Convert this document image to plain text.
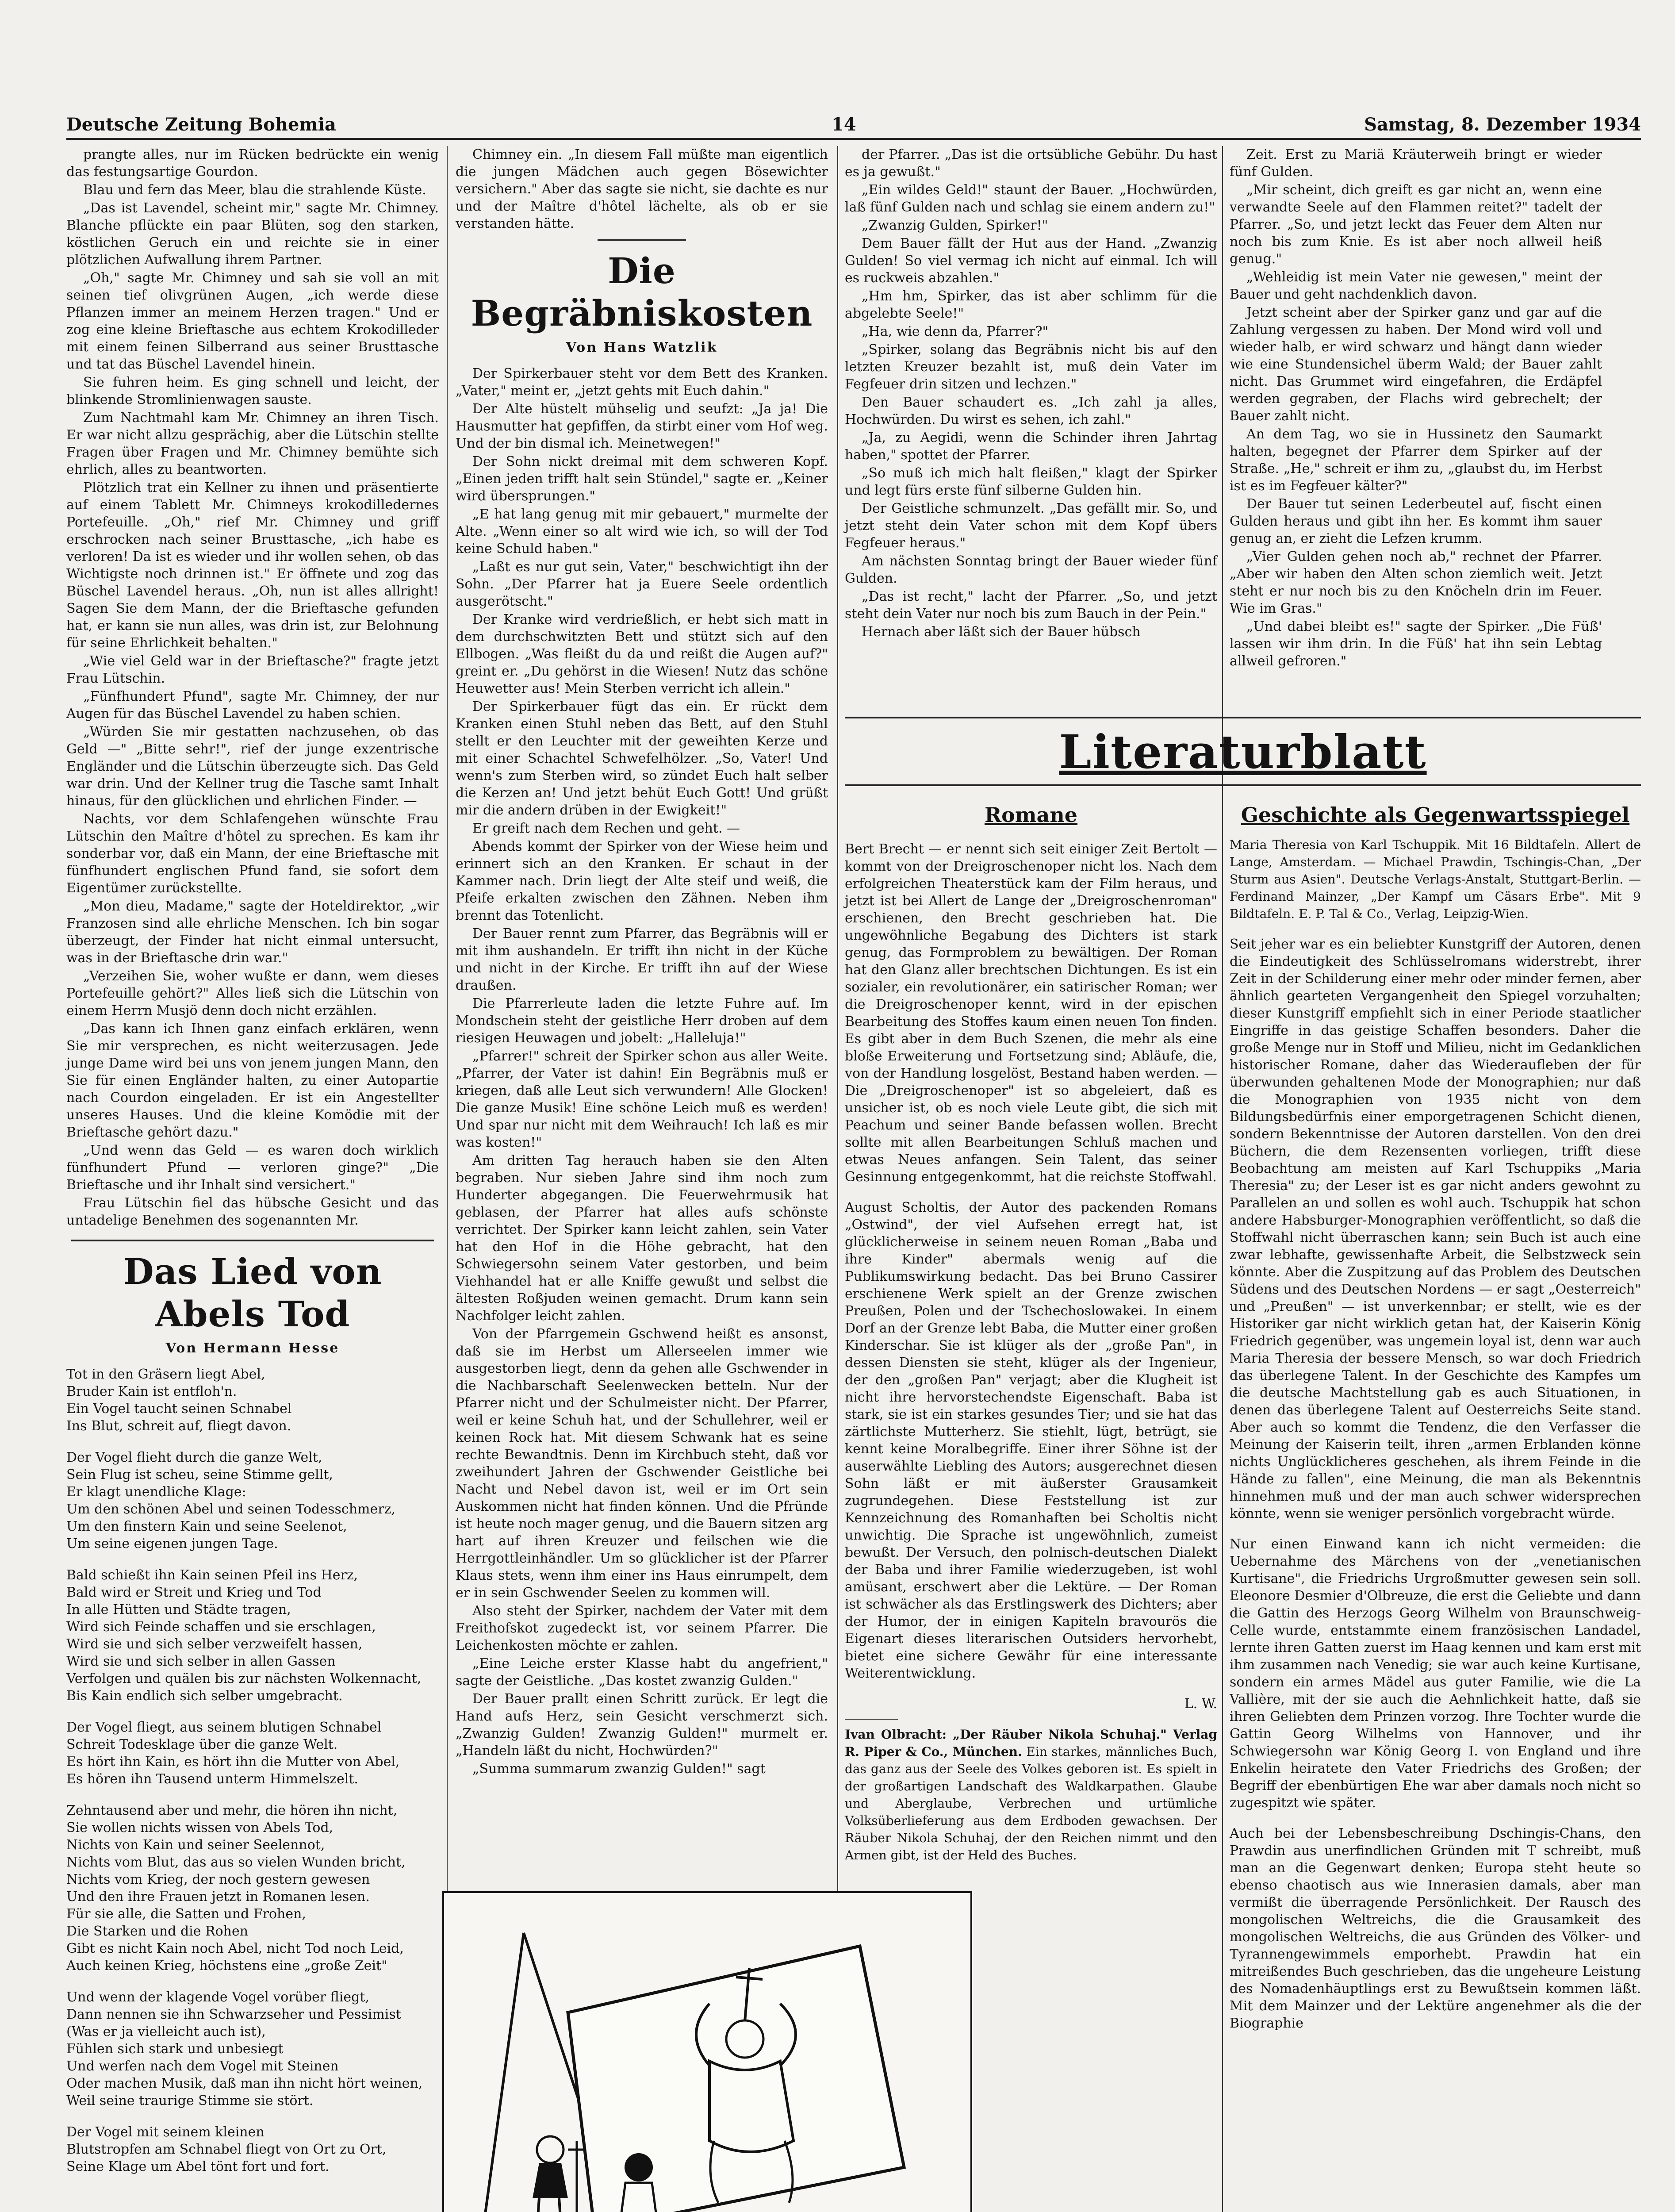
Deutsche Zeitung Bohemia	14	Samstag, 8. Dezember 1934

prangte alles, nur im Rücken bedrückte ein wenig das festungsartige Gourdon.

Blau und fern das Meer, blau die strahlende Küste.

„Das ist Lavendel, scheint mir," sagte Mr. Chimney. Blanche pflückte ein paar Blüten, sog den starken, köstlichen Geruch ein und reichte sie in einer plötzlichen Aufwallung ihrem Partner.

„Oh," sagte Mr. Chimney und sah sie voll an mit seinen tief olivgrünen Augen, „ich werde diese Pflanzen immer an meinem Herzen tragen." Und er zog eine kleine Brieftasche aus echtem Krokodilleder mit einem feinen Silberrand aus seiner Brusttasche und tat das Büschel Lavendel hinein.

Sie fuhren heim. Es ging schnell und leicht, der blinkende Stromlinienwagen sauste.

Zum Nachtmahl kam Mr. Chimney an ihren Tisch. Er war nicht allzu gesprächig, aber die Lütschin stellte Fragen über Fragen und Mr. Chimney bemühte sich ehrlich, alles zu beantworten.

Plötzlich trat ein Kellner zu ihnen und präsentierte auf einem Tablett Mr. Chimneys krokodilledernes Portefeuille. „Oh," rief Mr. Chimney und griff erschrocken nach seiner Brusttasche, „ich habe es verloren! Da ist es wieder und ihr wollen sehen, ob das Wichtigste noch drinnen ist." Er öffnete und zog das Büschel Lavendel heraus. „Oh, nun ist alles allright! Sagen Sie dem Mann, der die Brieftasche gefunden hat, er kann sie nun alles, was drin ist, zur Belohnung für seine Ehrlichkeit behalten."

„Wie viel Geld war in der Brieftasche?" fragte jetzt Frau Lütschin.

„Fünfhundert Pfund", sagte Mr. Chimney, der nur Augen für das Büschel Lavendel zu haben schien.

„Würden Sie mir gestatten nachzusehen, ob das Geld —" „Bitte sehr!", rief der junge exzentrische Engländer und die Lütschin überzeugte sich. Das Geld war drin. Und der Kellner trug die Tasche samt Inhalt hinaus, für den glücklichen und ehrlichen Finder. —

Nachts, vor dem Schlafengehen wünschte Frau Lütschin den Maître d'hôtel zu sprechen. Es kam ihr sonderbar vor, daß ein Mann, der eine Brieftasche mit fünfhundert englischen Pfund fand, sie sofort dem Eigentümer zurückstellte.

„Mon dieu, Madame," sagte der Hoteldirektor, „wir Franzosen sind alle ehrliche Menschen. Ich bin sogar überzeugt, der Finder hat nicht einmal untersucht, was in der Brieftasche drin war."

„Verzeihen Sie, woher wußte er dann, wem dieses Portefeuille gehört?" Alles ließ sich die Lütschin von einem Herrn Musjö denn doch nicht erzählen.

„Das kann ich Ihnen ganz einfach erklären, wenn Sie mir versprechen, es nicht weiterzusagen. Jede junge Dame wird bei uns von jenem jungen Mann, den Sie für einen Engländer halten, zu einer Autopartie nach Courdon eingeladen. Er ist ein Angestellter unseres Hauses. Und die kleine Komödie mit der Brieftasche gehört dazu."

„Und wenn das Geld — es waren doch wirklich fünfhundert Pfund — verloren ginge?" „Die Brieftasche und ihr Inhalt sind versichert."

Frau Lütschin fiel das hübsche Gesicht und das untadelige Benehmen des sogenannten Mr.

Das Lied von Abels Tod
Von Hermann Hesse
Tot in den Gräsern liegt Abel,
Bruder Kain ist entfloh'n.
Ein Vogel taucht seinen Schnabel
Ins Blut, schreit auf, fliegt davon.
Der Vogel flieht durch die ganze Welt,
Sein Flug ist scheu, seine Stimme gellt,
Er klagt unendliche Klage:
Um den schönen Abel und seinen Todesschmerz,
Um den finstern Kain und seine Seelenot,
Um seine eigenen jungen Tage.
Bald schießt ihn Kain seinen Pfeil ins Herz,
Bald wird er Streit und Krieg und Tod
In alle Hütten und Städte tragen,
Wird sich Feinde schaffen und sie erschlagen,
Wird sie und sich selber verzweifelt hassen,
Wird sie und sich selber in allen Gassen
Verfolgen und quälen bis zur nächsten Wolkennacht,
Bis Kain endlich sich selber umgebracht.
Der Vogel fliegt, aus seinem blutigen Schnabel
Schreit Todesklage über die ganze Welt.
Es hört ihn Kain, es hört ihn die Mutter von Abel,
Es hören ihn Tausend unterm Himmelszelt.
Zehntausend aber und mehr, die hören ihn nicht,
Sie wollen nichts wissen von Abels Tod,
Nichts von Kain und seiner Seelennot,
Nichts vom Blut, das aus so vielen Wunden bricht,
Nichts vom Krieg, der noch gestern gewesen
Und den ihre Frauen jetzt in Romanen lesen.
Für sie alle, die Satten und Frohen,
Die Starken und die Rohen
Gibt es nicht Kain noch Abel, nicht Tod noch Leid,
Auch keinen Krieg, höchstens eine „große Zeit"
Und wenn der klagende Vogel vorüber fliegt,
Dann nennen sie ihn Schwarzseher und Pessimist
(Was er ja vielleicht auch ist),
Fühlen sich stark und unbesiegt
Und werfen nach dem Vogel mit Steinen
Oder machen Musik, daß man ihn nicht hört weinen,
Weil seine traurige Stimme sie stört.
Der Vogel mit seinem kleinen
Blutstropfen am Schnabel fliegt von Ort zu Ort,
Seine Klage um Abel tönt fort und fort.

Chimney ein. „In diesem Fall müßte man eigentlich die jungen Mädchen auch gegen Bösewichter versichern." Aber das sagte sie nicht, sie dachte es nur und der Maître d'hôtel lächelte, als ob er sie verstanden hätte.

Die Begräbniskosten
Von Hans Watzlik

Der Spirkerbauer steht vor dem Bett des Kranken. „Vater," meint er, „jetzt gehts mit Euch dahin."

Der Alte hüstelt mühselig und seufzt: „Ja ja! Die Hausmutter hat gepfiffen, da stirbt einer vom Hof weg. Und der bin dismal ich. Meinetwegen!"

Der Sohn nickt dreimal mit dem schweren Kopf. „Einen jeden trifft halt sein Stündel," sagte er. „Keiner wird übersprungen."

„E hat lang genug mit mir gebauert," murmelte der Alte. „Wenn einer so alt wird wie ich, so will der Tod keine Schuld haben."

„Laßt es nur gut sein, Vater," beschwichtigt ihn der Sohn. „Der Pfarrer hat ja Euere Seele ordentlich ausgerötscht."

Der Kranke wird verdrießlich, er hebt sich matt in dem durchschwitzten Bett und stützt sich auf den Ellbogen. „Was fleißt du da und reißt die Augen auf?" greint er. „Du gehörst in die Wiesen! Nutz das schöne Heuwetter aus! Mein Sterben verricht ich allein."

Der Spirkerbauer fügt das ein. Er rückt dem Kranken einen Stuhl neben das Bett, auf den Stuhl stellt er den Leuchter mit der geweihten Kerze und mit einer Schachtel Schwefelhölzer. „So, Vater! Und wenn's zum Sterben wird, so zündet Euch halt selber die Kerzen an! Und jetzt behüt Euch Gott! Und grüßt mir die andern drüben in der Ewigkeit!"

Er greift nach dem Rechen und geht. —

Abends kommt der Spirker von der Wiese heim und erinnert sich an den Kranken. Er schaut in der Kammer nach. Drin liegt der Alte steif und weiß, die Pfeife erkalten zwischen den Zähnen. Neben ihm brennt das Totenlicht.

Der Bauer rennt zum Pfarrer, das Begräbnis will er mit ihm aushandeln. Er trifft ihn nicht in der Küche und nicht in der Kirche. Er trifft ihn auf der Wiese draußen.

Die Pfarrerleute laden die letzte Fuhre auf. Im Mondschein steht der geistliche Herr droben auf dem riesigen Heuwagen und jobelt: „Halleluja!"

„Pfarrer!" schreit der Spirker schon aus aller Weite. „Pfarrer, der Vater ist dahin! Ein Begräbnis muß er kriegen, daß alle Leut sich verwundern! Alle Glocken! Die ganze Musik! Eine schöne Leich muß es werden! Und spar nur nicht mit dem Weihrauch! Ich laß es mir was kosten!"

Am dritten Tag herauch haben sie den Alten begraben. Nur sieben Jahre sind ihm noch zum Hunderter abgegangen. Die Feuerwehrmusik hat geblasen, der Pfarrer hat alles aufs schönste verrichtet. Der Spirker kann leicht zahlen, sein Vater hat den Hof in die Höhe gebracht, hat den Schwiegersohn seinem Vater gestorben, und beim Viehhandel hat er alle Kniffe gewußt und selbst die ältesten Roßjuden weinen gemacht. Drum kann sein Nachfolger leicht zahlen.

Von der Pfarrgemein Gschwend heißt es ansonst, daß sie im Herbst um Allerseelen immer wie ausgestorben liegt, denn da gehen alle Gschwender in die Nachbarschaft Seelenwecken betteln. Nur der Pfarrer nicht und der Schulmeister nicht. Der Pfarrer, weil er keine Schuh hat, und der Schullehrer, weil er keinen Rock hat. Mit diesem Schwank hat es seine rechte Bewandtnis. Denn im Kirchbuch steht, daß vor zweihundert Jahren der Gschwender Geistliche bei Nacht und Nebel davon ist, weil er im Ort sein Auskommen nicht hat finden können. Und die Pfründe ist heute noch mager genug, und die Bauern sitzen arg hart auf ihren Kreuzer und feilschen wie die Herrgottleinhändler. Um so glücklicher ist der Pfarrer Klaus stets, wenn ihm einer ins Haus einrumpelt, dem er in sein Gschwender Seelen zu kommen will.

Also steht der Spirker, nachdem der Vater mit dem Freithofskot zugedeckt ist, vor seinem Pfarrer. Die Leichenkosten möchte er zahlen.

„Eine Leiche erster Klasse habt du angefrient," sagte der Geistliche. „Das kostet zwanzig Gulden."

Der Bauer prallt einen Schritt zurück. Er legt die Hand aufs Herz, sein Gesicht verschmerzt sich. „Zwanzig Gulden! Zwanzig Gulden!" murmelt er. „Handeln läßt du nicht, Hochwürden?"

„Summa summarum zwanzig Gulden!" sagt

der Pfarrer. „Das ist die ortsübliche Gebühr. Du hast es ja gewußt."

„Ein wildes Geld!" staunt der Bauer. „Hochwürden, laß fünf Gulden nach und schlag sie einem andern zu!"

„Zwanzig Gulden, Spirker!"

Dem Bauer fällt der Hut aus der Hand. „Zwanzig Gulden! So viel vermag ich nicht auf einmal. Ich will es ruckweis abzahlen."

„Hm hm, Spirker, das ist aber schlimm für die abgelebte Seele!"

„Ha, wie denn da, Pfarrer?"

„Spirker, solang das Begräbnis nicht bis auf den letzten Kreuzer bezahlt ist, muß dein Vater im Fegfeuer drin sitzen und lechzen."

Den Bauer schaudert es. „Ich zahl ja alles, Hochwürden. Du wirst es sehen, ich zahl."

„Ja, zu Aegidi, wenn die Schinder ihren Jahrtag haben," spottet der Pfarrer.

„So muß ich mich halt fleißen," klagt der Spirker und legt fürs erste fünf silberne Gulden hin.

Der Geistliche schmunzelt. „Das gefällt mir. So, und jetzt steht dein Vater schon mit dem Kopf übers Fegfeuer heraus."

Am nächsten Sonntag bringt der Bauer wieder fünf Gulden.

„Das ist recht," lacht der Pfarrer. „So, und jetzt steht dein Vater nur noch bis zum Bauch in der Pein."

Hernach aber läßt sich der Bauer hübsch

Zeit. Erst zu Mariä Kräuterweih bringt er wieder fünf Gulden.

„Mir scheint, dich greift es gar nicht an, wenn eine verwandte Seele auf den Flammen reitet?" tadelt der Pfarrer. „So, und jetzt leckt das Feuer dem Alten nur noch bis zum Knie. Es ist aber noch allweil heiß genug."

„Wehleidig ist mein Vater nie gewesen," meint der Bauer und geht nachdenklich davon.

Jetzt scheint aber der Spirker ganz und gar auf die Zahlung vergessen zu haben. Der Mond wird voll und wieder halb, er wird schwarz und hängt dann wieder wie eine Stundensichel überm Wald; der Bauer zahlt nicht. Das Grummet wird eingefahren, die Erdäpfel werden gegraben, der Flachs wird gebrechelt; der Bauer zahlt nicht.

An dem Tag, wo sie in Hussinetz den Saumarkt halten, begegnet der Pfarrer dem Spirker auf der Straße. „He," schreit er ihm zu, „glaubst du, im Herbst ist es im Fegfeuer kälter?"

Der Bauer tut seinen Lederbeutel auf, fischt einen Gulden heraus und gibt ihn her. Es kommt ihm sauer genug an, er zieht die Lefzen krumm.

„Vier Gulden gehen noch ab," rechnet der Pfarrer. „Aber wir haben den Alten schon ziemlich weit. Jetzt steht er nur noch bis zu den Knöcheln drin im Feuer. Wie im Gras."

„Und dabei bleibt es!" sagte der Spirker. „Die Füß' lassen wir ihm drin. In die Füß' hat ihn sein Lebtag allweil gefroren."

Literaturblatt
Romane

Bert Brecht — er nennt sich seit einiger Zeit Bertolt — kommt von der Dreigroschenoper nicht los. Nach dem erfolgreichen Theaterstück kam der Film heraus, und jetzt ist bei Allert de Lange der „Dreigroschenroman" erschienen, den Brecht geschrieben hat. Die ungewöhnliche Begabung des Dichters ist stark genug, das Formproblem zu bewältigen. Der Roman hat den Glanz aller brechtschen Dichtungen. Es ist ein sozialer, ein revolutionärer, ein satirischer Roman; wer die Dreigroschenoper kennt, wird in der epischen Bearbeitung des Stoffes kaum einen neuen Ton finden. Es gibt aber in dem Buch Szenen, die mehr als eine bloße Erweiterung und Fortsetzung sind; Abläufe, die, von der Handlung losgelöst, Bestand haben werden. — Die „Dreigroschenoper" ist so abgeleiert, daß es unsicher ist, ob es noch viele Leute gibt, die sich mit Peachum und seiner Bande befassen wollen. Brecht sollte mit allen Bearbeitungen Schluß machen und etwas Neues anfangen. Sein Talent, das seiner Gesinnung entgegenkommt, hat die reichste Stoffwahl.

August Scholtis, der Autor des packenden Romans „Ostwind", der viel Aufsehen erregt hat, ist glücklicherweise in seinem neuen Roman „Baba und ihre Kinder" abermals wenig auf die Publikumswirkung bedacht. Das bei Bruno Cassirer erschienene Werk spielt an der Grenze zwischen Preußen, Polen und der Tschechoslowakei. In einem Dorf an der Grenze lebt Baba, die Mutter einer großen Kinderschar. Sie ist klüger als der „große Pan", in dessen Diensten sie steht, klüger als der Ingenieur, der den „großen Pan" verjagt; aber die Klugheit ist nicht ihre hervorstechendste Eigenschaft. Baba ist stark, sie ist ein starkes gesundes Tier; und sie hat das zärtlichste Mutterherz. Sie stiehlt, lügt, betrügt, sie kennt keine Moralbegriffe. Einer ihrer Söhne ist der auserwählte Liebling des Autors; ausgerechnet diesen Sohn läßt er mit äußerster Grausamkeit zugrundegehen. Diese Feststellung ist zur Kennzeichnung des Romanhaften bei Scholtis nicht unwichtig. Die Sprache ist ungewöhnlich, zumeist bewußt. Der Versuch, den polnisch-deutschen Dialekt der Baba und ihrer Familie wiederzugeben, ist wohl amüsant, erschwert aber die Lektüre. — Der Roman ist schwächer als das Erstlingswerk des Dichters; aber der Humor, der in einigen Kapiteln bravourös die Eigenart dieses literarischen Outsiders hervorhebt, bietet eine sichere Gewähr für eine interessante Weiterentwicklung.

L. W.

Ivan Olbracht: „Der Räuber Nikola Schuhaj." Verlag R. Piper & Co., München. Ein starkes, männliches Buch, das ganz aus der Seele des Volkes geboren ist. Es spielt in der großartigen Landschaft des Waldkarpathen. Glaube und Aberglaube, Verbrechen und urtümliche Volksüberlieferung aus dem Erdboden gewachsen. Der Räuber Nikola Schuhaj, der den Reichen nimmt und den Armen gibt, ist der Held des Buches.

Geschichte als Gegenwartsspiegel

Maria Theresia von Karl Tschuppik. Mit 16 Bildtafeln. Allert de Lange, Amsterdam. — Michael Prawdin, Tschingis-Chan, „Der Sturm aus Asien". Deutsche Verlags-Anstalt, Stuttgart-Berlin. — Ferdinand Mainzer, „Der Kampf um Cäsars Erbe". Mit 9 Bildtafeln. E. P. Tal & Co., Verlag, Leipzig-Wien.

Seit jeher war es ein beliebter Kunstgriff der Autoren, denen die Eindeutigkeit des Schlüsselromans widerstrebt, ihrer Zeit in der Schilderung einer mehr oder minder fernen, aber ähnlich gearteten Vergangenheit den Spiegel vorzuhalten; dieser Kunstgriff empfiehlt sich in einer Periode staatlicher Eingriffe in das geistige Schaffen besonders. Daher die große Menge nur in Stoff und Milieu, nicht im Gedanklichen historischer Romane, daher das Wiederaufleben der für überwunden gehaltenen Mode der Monographien; nur daß die Monographien von 1935 nicht von dem Bildungsbedürfnis einer emporgetragenen Schicht dienen, sondern Bekenntnisse der Autoren darstellen. Von den drei Büchern, die dem Rezensenten vorliegen, trifft diese Beobachtung am meisten auf Karl Tschuppiks „Maria Theresia" zu; der Leser ist es gar nicht anders gewohnt zu Parallelen an und sollen es wohl auch. Tschuppik hat schon andere Habsburger-Monographien veröffentlicht, so daß die Stoffwahl nicht überraschen kann; sein Buch ist auch eine zwar lebhafte, gewissenhafte Arbeit, die Selbstzweck sein könnte. Aber die Zuspitzung auf das Problem des Deutschen Südens und des Deutschen Nordens — er sagt „Oesterreich" und „Preußen" — ist unverkennbar; er stellt, wie es der Historiker gar nicht wirklich getan hat, der Kaiserin König Friedrich gegenüber, was ungemein loyal ist, denn war auch Maria Theresia der bessere Mensch, so war doch Friedrich das überlegene Talent. In der Geschichte des Kampfes um die deutsche Machtstellung gab es auch Situationen, in denen das überlegene Talent auf Oesterreichs Seite stand. Aber auch so kommt die Tendenz, die den Verfasser die Meinung der Kaiserin teilt, ihren „armen Erblanden könne nichts Unglücklicheres geschehen, als ihrem Feinde in die Hände zu fallen", eine Meinung, die man als Bekenntnis hinnehmen muß und der man auch schwer widersprechen könnte, wenn sie weniger persönlich vorgebracht würde.

Nur einen Einwand kann ich nicht vermeiden: die Uebernahme des Märchens von der „venetianischen Kurtisane", die Friedrichs Urgroßmutter gewesen sein soll. Eleonore Desmier d'Olbreuze, die erst die Geliebte und dann die Gattin des Herzogs Georg Wilhelm von Braunschweig-Celle wurde, entstammte einem französischen Landadel, lernte ihren Gatten zuerst im Haag kennen und kam erst mit ihm zusammen nach Venedig; sie war auch keine Kurtisane, sondern ein armes Mädel aus guter Familie, wie die La Vallière, mit der sie auch die Aehnlichkeit hatte, daß sie ihren Geliebten dem Prinzen vorzog. Ihre Tochter wurde die Gattin Georg Wilhelms von Hannover, und ihr Schwiegersohn war König Georg I. von England und ihre Enkelin heiratete den Vater Friedrichs des Großen; der Begriff der ebenbürtigen Ehe war aber damals noch nicht so zugespitzt wie später.

Auch bei der Lebensbeschreibung Dschingis-Chans, den Prawdin aus unerfindlichen Gründen mit T schreibt, muß man an die Gegenwart denken; Europa steht heute so ebenso chaotisch aus wie Innerasien damals, aber man vermißt die überragende Persönlichkeit. Der Rausch des mongolischen Weltreichs, die die Grausamkeit des mongolischen Weltreichs, die aus Gründen des Völker- und Tyrannengewimmels emporhebt. Prawdin hat ein mitreißendes Buch geschrieben, das die ungeheure Leistung des Nomadenhäuptlings erst zu Bewußtsein kommen läßt. Mit dem Mainzer und der Lektüre angenehmer als die der Biographie
